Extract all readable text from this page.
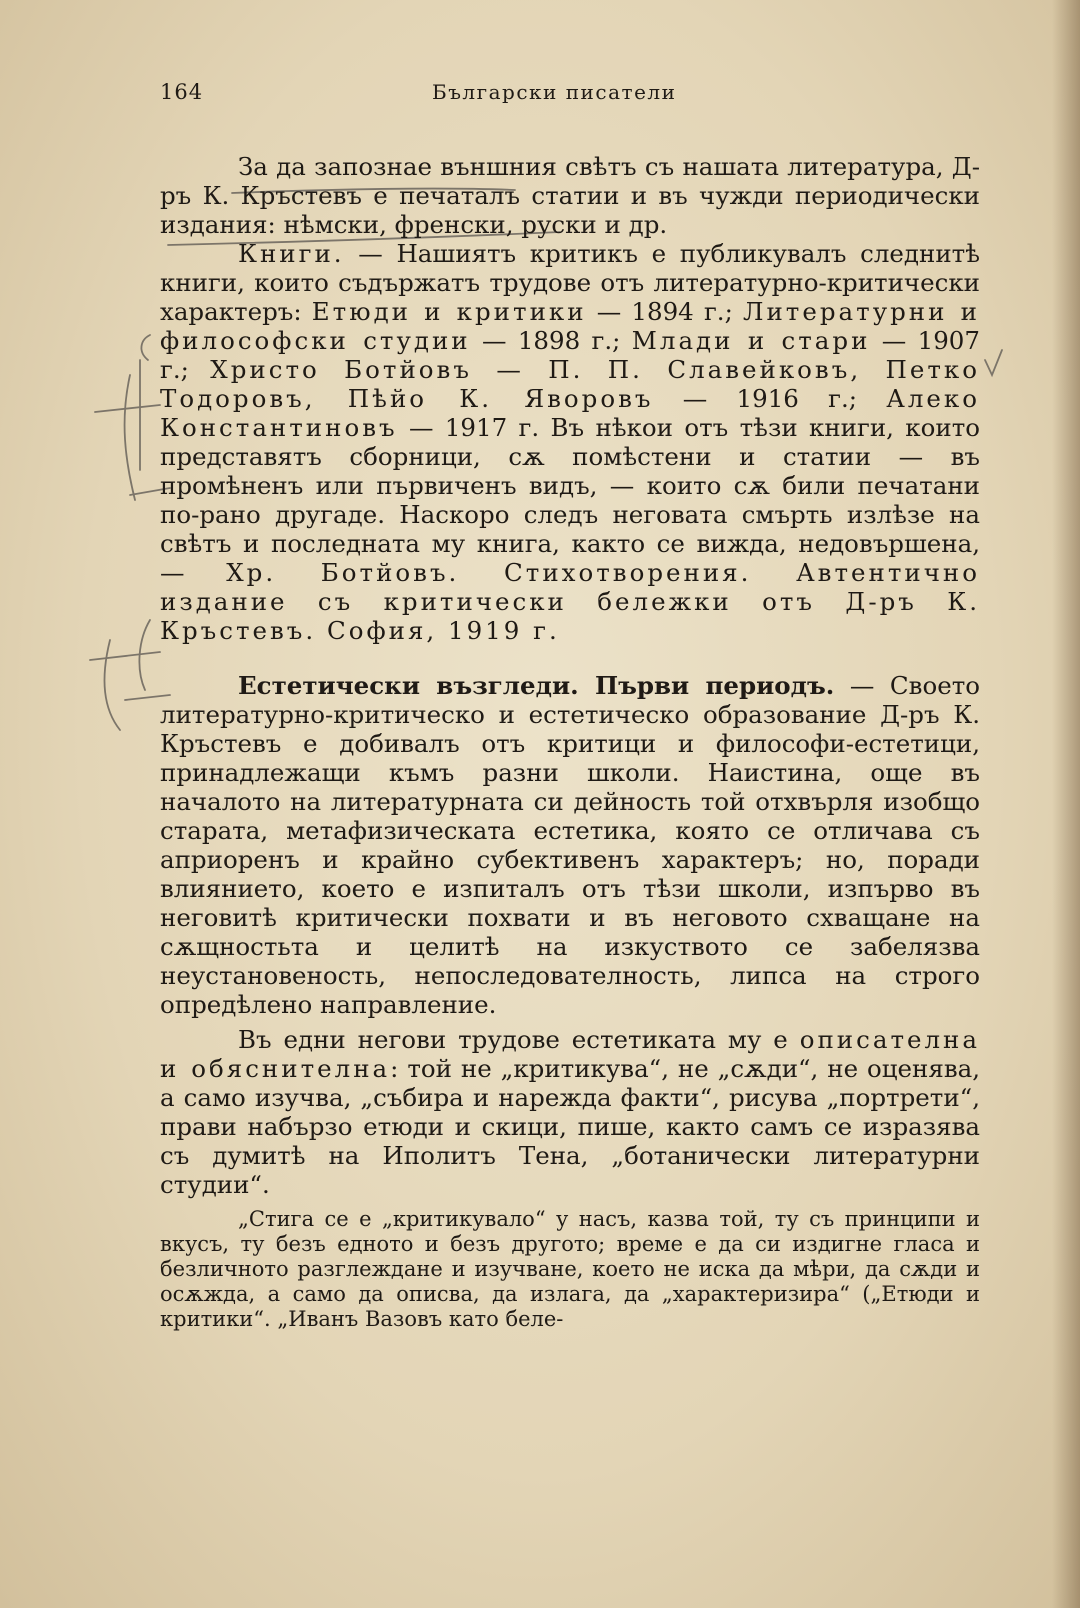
164	Български писатели

За да запознае външния свѣтъ съ нашата литература, Д-ръ К. Кръстевъ е печаталъ статии и въ чужди периодически издания: нѣмски, френски, руски и др.

Книги. — Нашиятъ критикъ е публикувалъ следнитѣ книги, които съдържатъ трудове отъ литературно-критически характеръ: Етюди и критики — 1894 г.; Литературни и философски студии — 1898 г.; Млади и стари — 1907 г.; Христо Ботйовъ — П. П. Славейковъ, Петко Тодоровъ, Пѣйо К. Яворовъ — 1916 г.; Алеко Константиновъ — 1917 г. Въ нѣкои отъ тѣзи книги, които представятъ сборници, сѫ помѣстени и статии — въ промѣненъ или първиченъ видъ, — които сѫ били печатани по-рано другаде. Наскоро следъ неговата смърть излѣзе на свѣтъ и последната му книга, както се вижда, недовършена, — Хр. Ботйовъ. Стихотворения. Автентично издание съ критически бележки отъ Д-ръ К. Кръстевъ. София, 1919 г.

Естетически възгледи. Първи периодъ. — Своето литературно-критическо и естетическо образование Д-ръ К. Кръстевъ е добивалъ отъ критици и философи-естетици, принадлежащи къмъ разни школи. Наистина, още въ началото на литературната си дейность той отхвърля изобщо старата, метафизическата естетика, която се отличава съ априоренъ и крайно субективенъ характеръ; но, поради влиянието, което е изпиталъ отъ тѣзи школи, изпърво въ неговитѣ критически похвати и въ неговото схващане на сѫщностьта и целитѣ на изкуството се забелязва неустановеность, непоследователность, липса на строго опредѣлено направление.

Въ едни негови трудове естетиката му е описателна и обяснителна: той не „критикува“, не „сѫди“, не оценява, а само изучва, „събира и нарежда факти“, рисува „портрети“, прави набързо етюди и скици, пише, както самъ се изразява съ думитѣ на Иполитъ Тена, „ботанически литературни студии“.

„Стига се е „критикувало“ у насъ, казва той, ту съ принципи и вкусъ, ту безъ едното и безъ другото; време е да си издигне гласа и безличното разглеждане и изучване, което не иска да мѣри, да сѫди и осѫжда, а само да описва, да излага, да „характеризира“ („Етюди и критики“. „Иванъ Вазовъ като беле-
